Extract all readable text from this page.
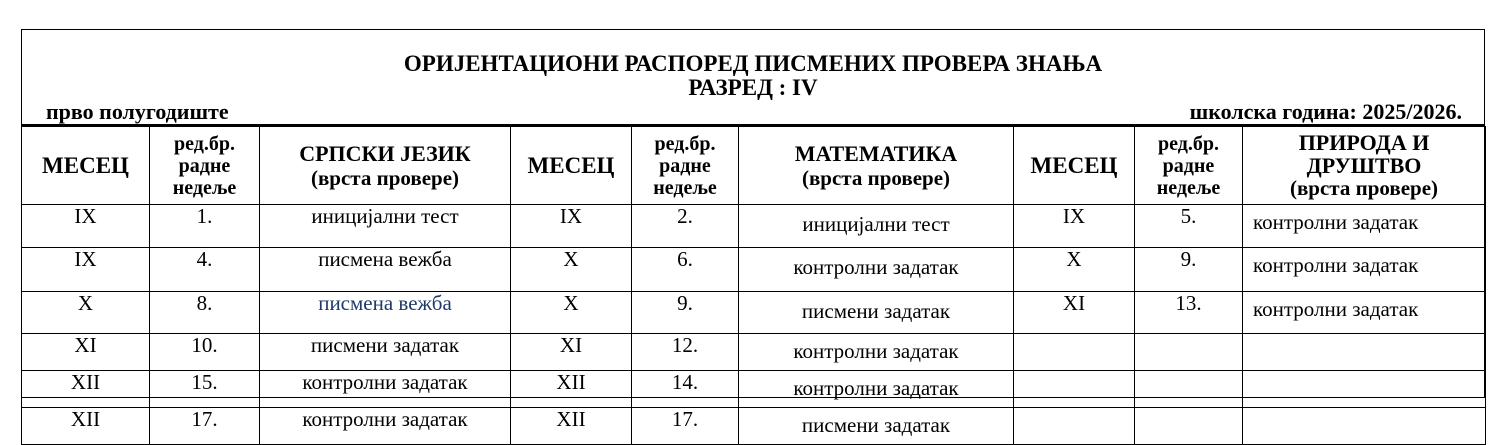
ОРИЈЕНТАЦИОНИ РАСПОРЕД ПИСМЕНИХ ПРОВЕРА ЗНАЊА
РАЗРЕД : IV
прво полугодиште	школска година: 2025/2026.
МЕСЕЦ	ред.бр.
радне
недеље	СРПСКИ ЈЕЗИК
(врста провере)	МЕСЕЦ	ред.бр.
радне
недеље	МАТЕМАТИКА
(врста провере)	МЕСЕЦ	ред.бр.
радне
недеље	ПРИРОДА И
ДРУШТВО
(врста провере)

IX	1.	иницијални тест	IX	2.	иницијални тест	IX	5.	контролни задатак
IX	4.	писмена вежба	X	6.	контролни задатак	X	9.	контролни задатак
X	8.	писмена вежба	X	9.	писмени задатак	XI	13.	контролни задатак
XI	10.	писмени задатак	XI	12.	контролни задатак			
XII	15.	контролни задатак	XII	14.	контролни задатак			
XII	17.	контролни задатак	XII	17.	писмени задатак			
